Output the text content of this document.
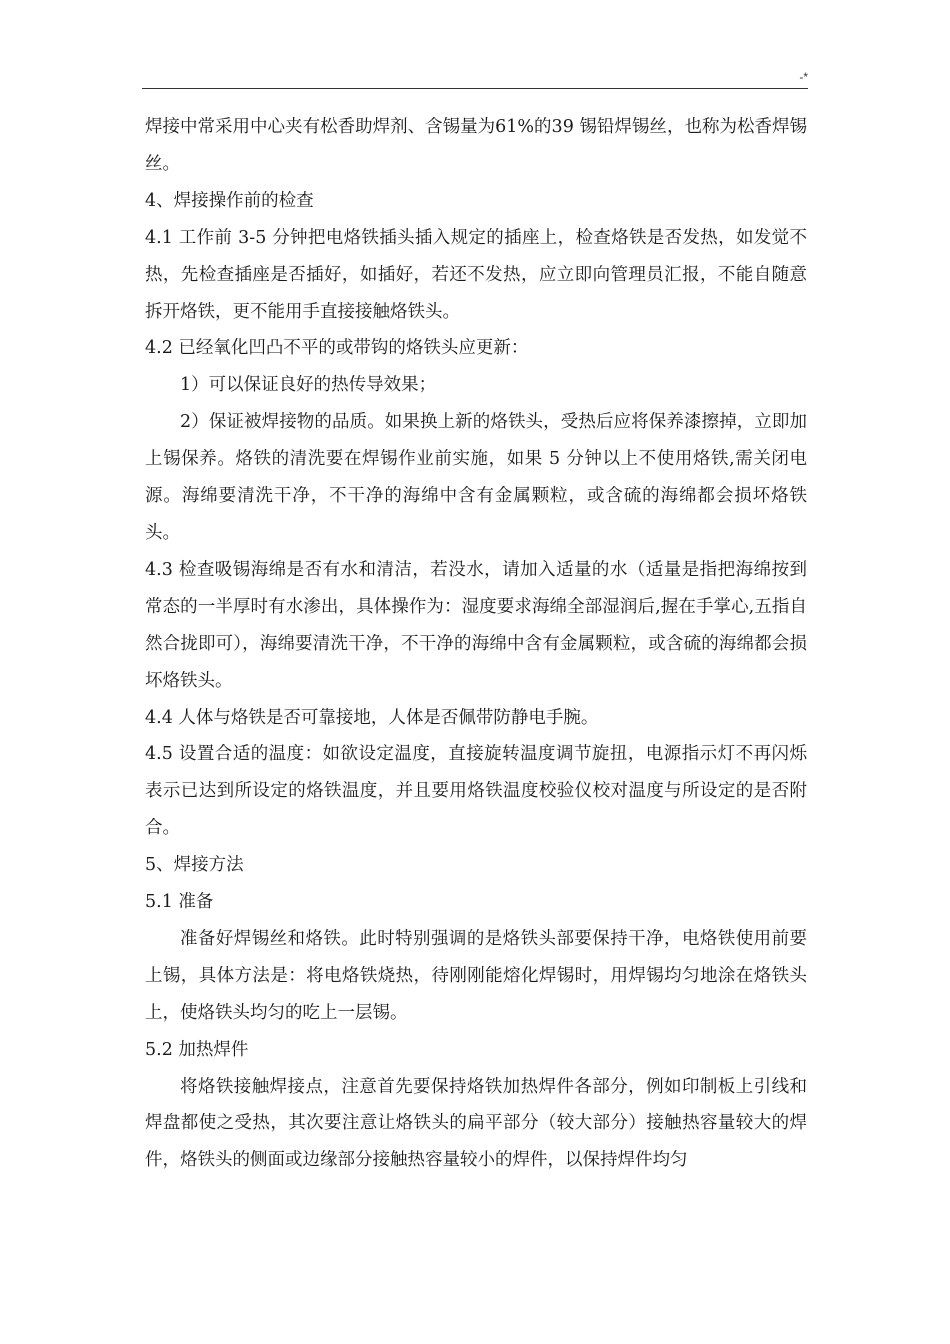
-*

焊接中常采用中心夹有松香助焊剂、含锡量为61%的39 锡铅焊锡丝，也称为松香焊锡丝。

4、焊接操作前的检查

4.1 工作前 3-5 分钟把电烙铁插头插入规定的插座上，检查烙铁是否发热，如发觉不热，先检查插座是否插好，如插好，若还不发热，应立即向管理员汇报，不能自随意拆开烙铁，更不能用手直接接触烙铁头。

4.2 已经氧化凹凸不平的或带钩的烙铁头应更新：

1）可以保证良好的热传导效果；

2）保证被焊接物的品质。如果换上新的烙铁头，受热后应将保养漆擦掉，立即加上锡保养。烙铁的清洗要在焊锡作业前实施，如果 5 分钟以上不使用烙铁,需关闭电源。海绵要清洗干净，不干净的海绵中含有金属颗粒，或含硫的海绵都会损坏烙铁头。

4.3 检查吸锡海绵是否有水和清洁，若没水，请加入适量的水（适量是指把海绵按到常态的一半厚时有水渗出，具体操作为：湿度要求海绵全部湿润后,握在手掌心,五指自然合拢即可），海绵要清洗干净，不干净的海绵中含有金属颗粒，或含硫的海绵都会损坏烙铁头。

4.4 人体与烙铁是否可靠接地，人体是否佩带防静电手腕。

4.5 设置合适的温度：如欲设定温度，直接旋转温度调节旋扭，电源指示灯不再闪烁表示已达到所设定的烙铁温度，并且要用烙铁温度校验仪校对温度与所设定的是否附合。

5、焊接方法

5.1 准备

准备好焊锡丝和烙铁。此时特别强调的是烙铁头部要保持干净，电烙铁使用前要上锡，具体方法是：将电烙铁烧热，待刚刚能熔化焊锡时，用焊锡均匀地涂在烙铁头上，使烙铁头均匀的吃上一层锡。

5.2 加热焊件

将烙铁接触焊接点，注意首先要保持烙铁加热焊件各部分，例如印制板上引线和焊盘都使之受热，其次要注意让烙铁头的扁平部分（较大部分）接触热容量较大的焊件，烙铁头的侧面或边缘部分接触热容量较小的焊件，以保持焊件均匀
